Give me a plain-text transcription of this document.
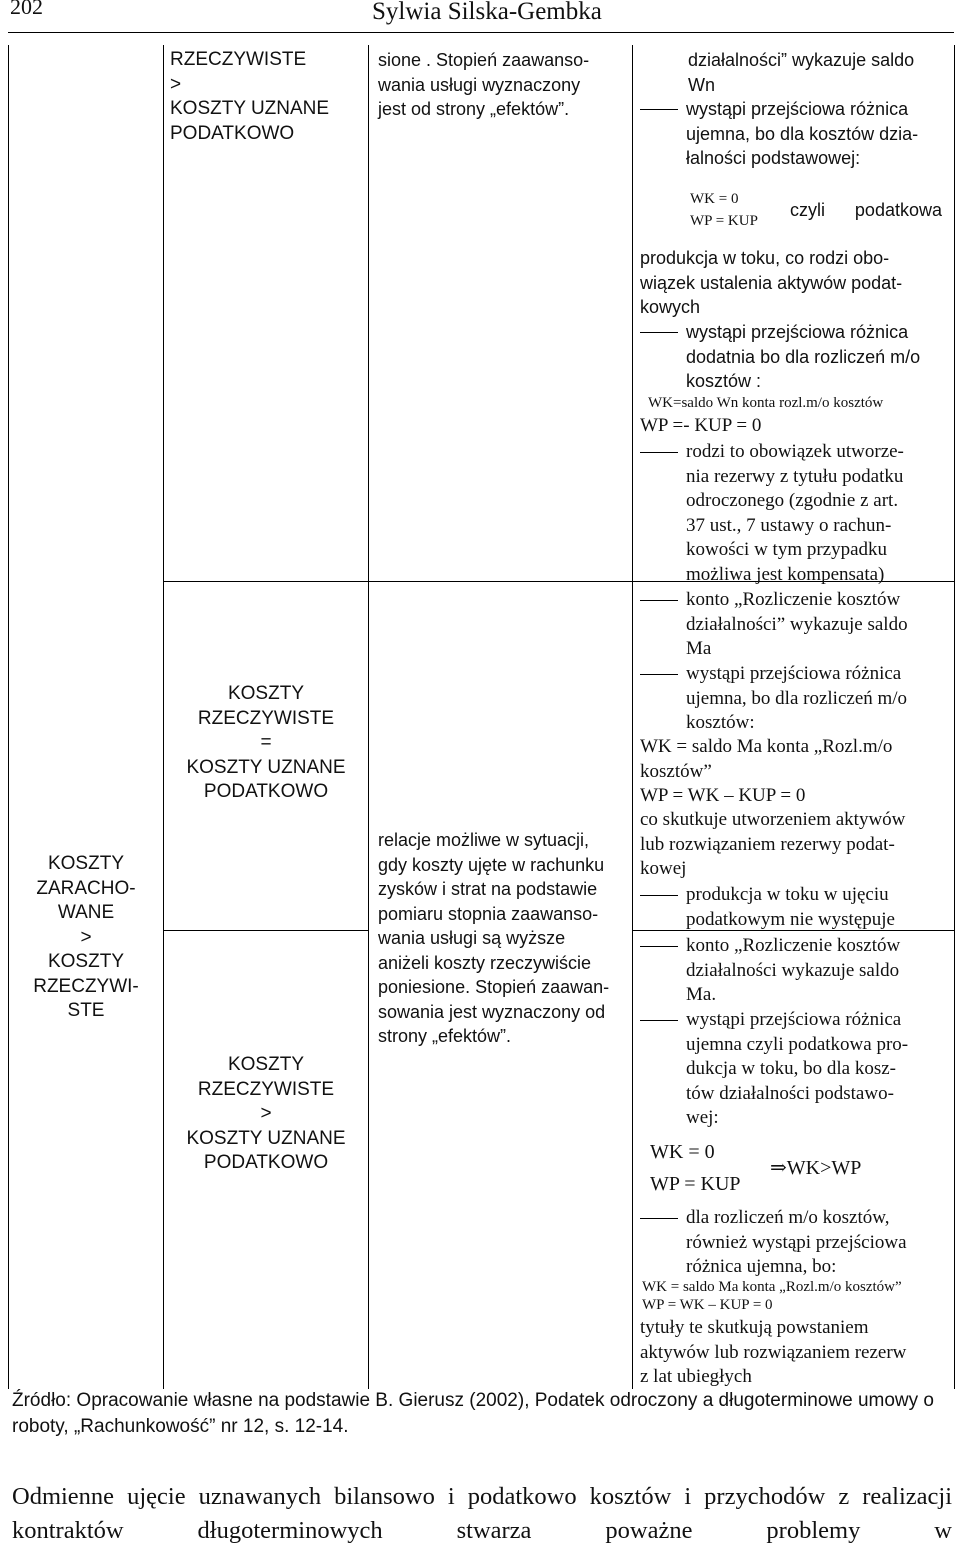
202	Sylwia Silska-Gembka
KOSZTY
ZARACHO-
WANE
>
KOSZTY
RZECZYWI-
STE
RZECZYWISTE
>
KOSZTY UZNANE
PODATKOWO
KOSZTY
RZECZYWISTE
=
KOSZTY UZNANE
PODATKOWO
KOSZTY
RZECZYWISTE
>
KOSZTY UZNANE
PODATKOWO
sione . Stopień zaawanso-
wania usługi wyznaczony
jest od strony „efektów”.
relacje możliwe w sytuacji,
gdy koszty ujęte w rachunku
zysków i strat na podstawie
pomiaru stopnia zaawanso-
wania usługi są wyższe
aniżeli koszty rzeczywiście
poniesione. Stopień zaawan-
sowania jest wyznaczony od
strony „efektów”.
działalności” wykazuje saldo
Wn
wystąpi przejściowa różnica
ujemna, bo dla kosztów dzia-
łalności podstawowej:
WK = 0
WP = KUP
czyli podatkowa
produkcja w toku, co rodzi obo-
wiązek ustalenia aktywów podat-
kowych
wystąpi przejściowa różnica
dodatnia bo dla rozliczeń m/o
kosztów :
WK=saldo Wn konta rozl.m/o kosztów
WP =- KUP = 0
rodzi to obowiązek utworze-
nia rezerwy z tytułu podatku
odroczonego (zgodnie z art.
37 ust., 7 ustawy o rachun-
kowości w tym przypadku
możliwa jest kompensata)
konto „Rozliczenie kosztów
działalności” wykazuje saldo
Ma
wystąpi przejściowa różnica
ujemna, bo dla rozliczeń m/o
kosztów:
WK = saldo Ma konta „Rozl.m/o
kosztów”
WP = WK – KUP = 0
co skutkuje utworzeniem aktywów
lub rozwiązaniem rezerwy podat-
kowej
produkcja w toku w ujęciu
podatkowym nie występuje
konto „Rozliczenie kosztów
działalności wykazuje saldo
Ma.
wystąpi przejściowa różnica
ujemna czyli podatkowa pro-
dukcja w toku, bo dla kosz-
tów działalności podstawo-
wej:
WK = 0
WP = KUP
⇒WK>WP
dla rozliczeń m/o kosztów,
również wystąpi przejściowa
różnica ujemna, bo:
WK = saldo Ma konta „Rozl.m/o kosztów”
WP = WK – KUP = 0
tytuły te skutkują powstaniem
aktywów lub rozwiązaniem rezerw
z lat ubiegłych
Źródło: Opracowanie własne na podstawie B. Gierusz (2002), Podatek odroczony a długoterminowe umowy o roboty, „Rachunkowość” nr 12, s. 12-14.
Odmienne ujęcie uznawanych bilansowo i podatkowo kosztów i przychodów z realizacji kontraktów długoterminowych stwarza poważne problemy w
